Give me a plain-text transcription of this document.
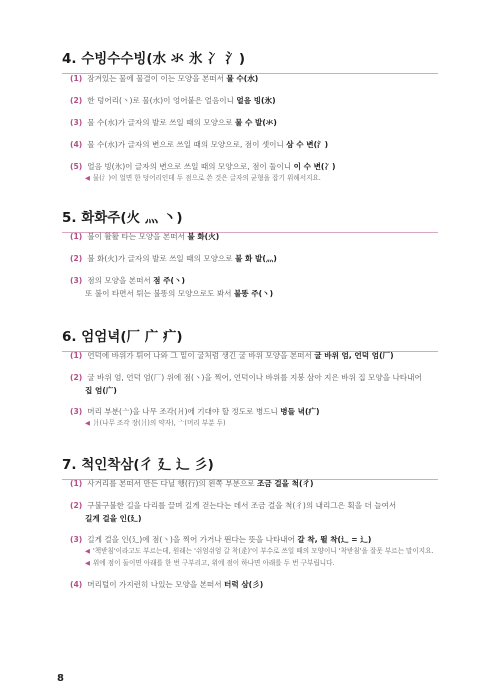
4. 수빙수수빙(水 氺 氷 冫 氵)
(1) 잠겨있는 물에 물결이 이는 모양을 본떠서 물 수(水)
(2) 한 덩어리(丶)로 물(水)이 엉어붙은 얼음이니 얼음 빙(氷)
(3) 물 수(水)가 글자의 발로 쓰일 때의 모양으로 물 수 발(氺)
(4) 물 수(水)가 글자의 변으로 쓰일 때의 모양으로, 점이 셋이니 삼 수 변(氵)
(5) 얼음 빙(氷)이 글자의 변으로 쓰일 때의 모양으로, 점이 둘이니 이 수 변(冫)
◀ 물(氵)이 얼면 한 덩어리인데 두 점으로 쓴 것은 글자의 균형을 잡기 위해서지요.
5. 화화주(火 灬 丶)
(1) 불이 활활 타는 모양을 본떠서 불 화(火)
(2) 불 화(火)가 글자의 발로 쓰일 때의 모양으로 불 화 발(灬)
(3) 점의 모양을 본떠서 점 주(丶)
또 불이 타면서 튀는 불똥의 모양으로도 봐서 불똥 주(丶)
6. 엄엄녁(厂 广 疒)
(1) 언덕에 바위가 튀어 나와 그 밑이 굴처럼 생긴 굴 바위 모양을 본떠서 굴 바위 엄, 언덕 엄(厂)
(2) 굴 바위 엄, 언덕 엄(厂) 위에 점(丶)을 찍어, 언덕이나 바위를 지붕 삼아 지은 바위 집 모양을 나타내어
집 엄(广)
(3) 머리 부분(亠)을 나무 조각(爿)에 기대야 할 정도로 병드니 병들 녁(疒)
◀ 爿(나무 조각 장(爿)의 약자), 亠(머리 부분 두)
7. 척인착삼(彳 廴 辶 彡)
(1) 사거리를 본떠서 만든 다닐 행(行)의 왼쪽 부분으로 조금 걸을 척(彳)
(2) 구불구불한 길을 다리를 끌며 길게 걷는다는 데서 조금 걸을 척(彳)의 내리그은 획을 더 늘여서
길게 걸을 인(廴)
(3) 길게 걸을 인(廴)에 점(丶)을 찍어 가거나 뛴다는 뜻을 나타내어 갈 착, 뛸 착(辶 = 辶)
◀ '책받침'이라고도 부르는데, 원래는 '쉬엄쉬엄 갈 착(辵)'이 부수로 쓰일 때의 모양이니 '착받침'을 잘못 부르는 말이지요.
◀ 위에 점이 둘이면 아래를 한 번 구부리고, 위에 점이 하나면 아래를 두 번 구부립니다.
(4) 머리털이 가지런히 나있는 모양을 본떠서 터럭 삼(彡)
8
